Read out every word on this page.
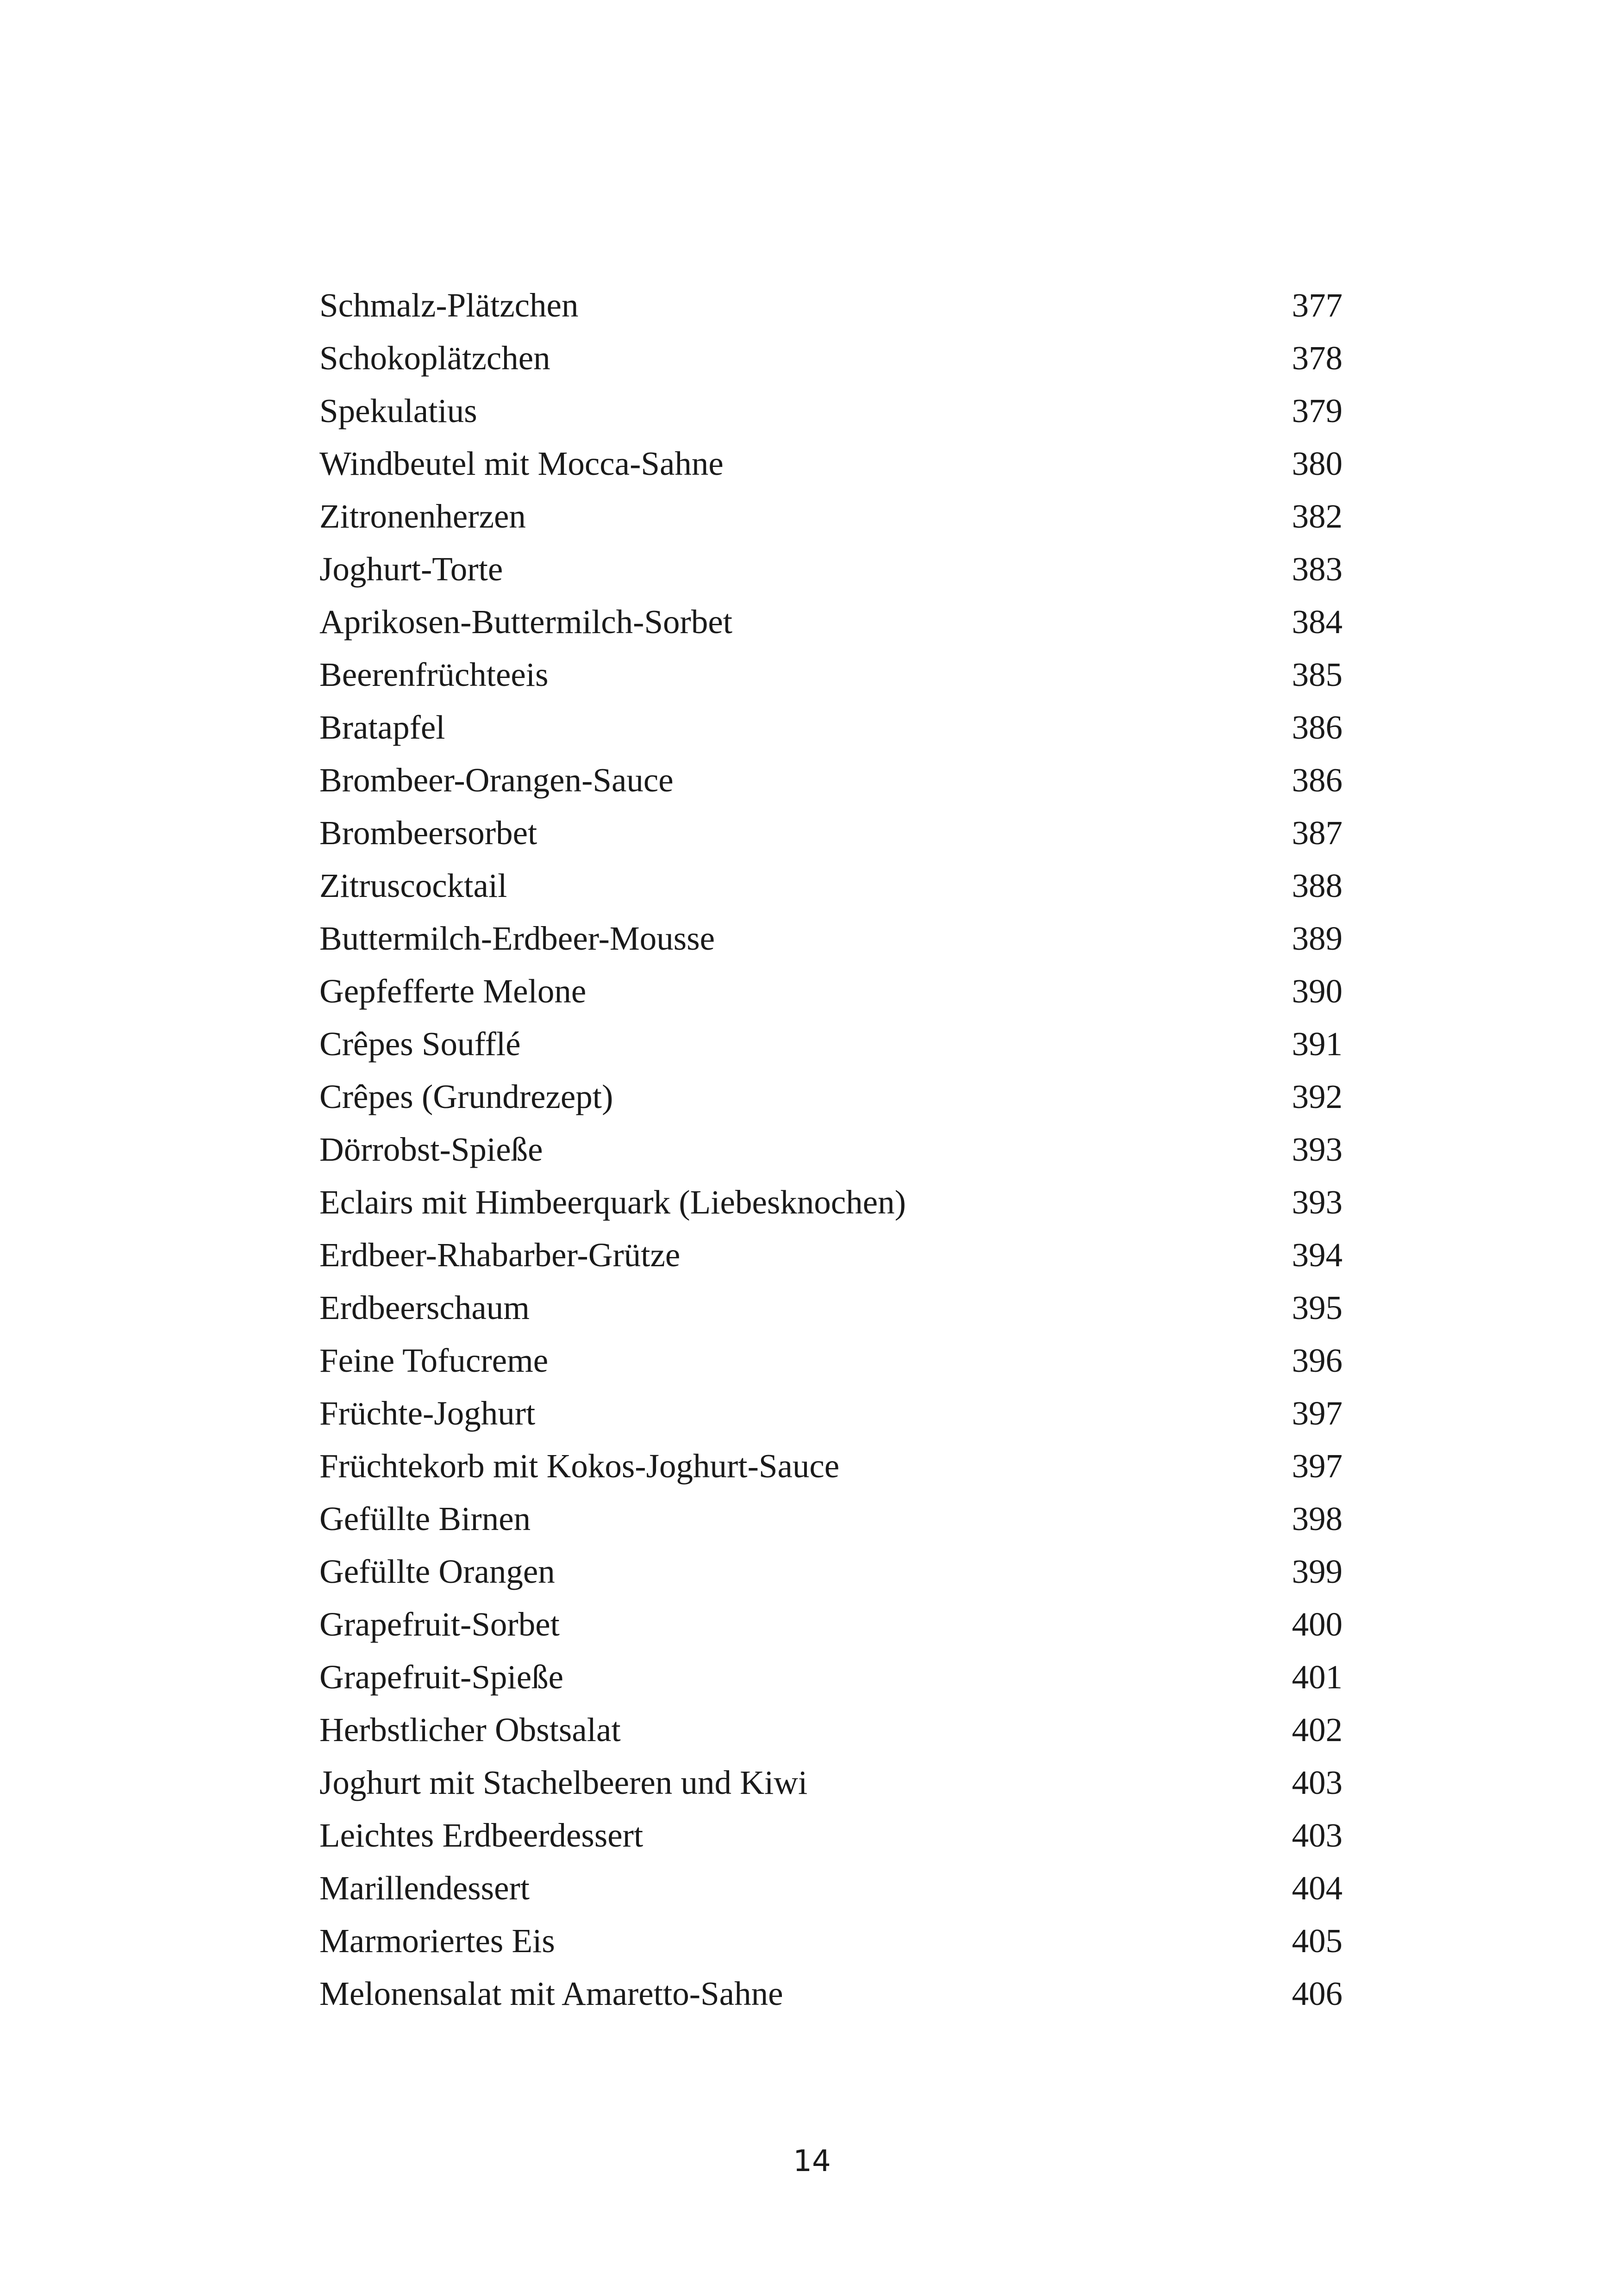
Schmalz-Plätzchen	377
Schokoplätzchen	378
Spekulatius	379
Windbeutel mit Mocca-Sahne	380
Zitronenherzen	382
Joghurt-Torte	383
Aprikosen-Buttermilch-Sorbet	384
Beerenfrüchteeis	385
Bratapfel	386
Brombeer-Orangen-Sauce	386
Brombeersorbet	387
Zitruscocktail	388
Buttermilch-Erdbeer-Mousse	389
Gepfefferte Melone	390
Crêpes Soufflé	391
Crêpes (Grundrezept)	392
Dörrobst-Spieße	393
Eclairs mit Himbeerquark (Liebesknochen)	393
Erdbeer-Rhabarber-Grütze	394
Erdbeerschaum	395
Feine Tofucreme	396
Früchte-Joghurt	397
Früchtekorb mit Kokos-Joghurt-Sauce	397
Gefüllte Birnen	398
Gefüllte Orangen	399
Grapefruit-Sorbet	400
Grapefruit-Spieße	401
Herbstlicher Obstsalat	402
Joghurt mit Stachelbeeren und Kiwi	403
Leichtes Erdbeerdessert	403
Marillendessert	404
Marmoriertes Eis	405
Melonensalat mit Amaretto-Sahne	406
14
